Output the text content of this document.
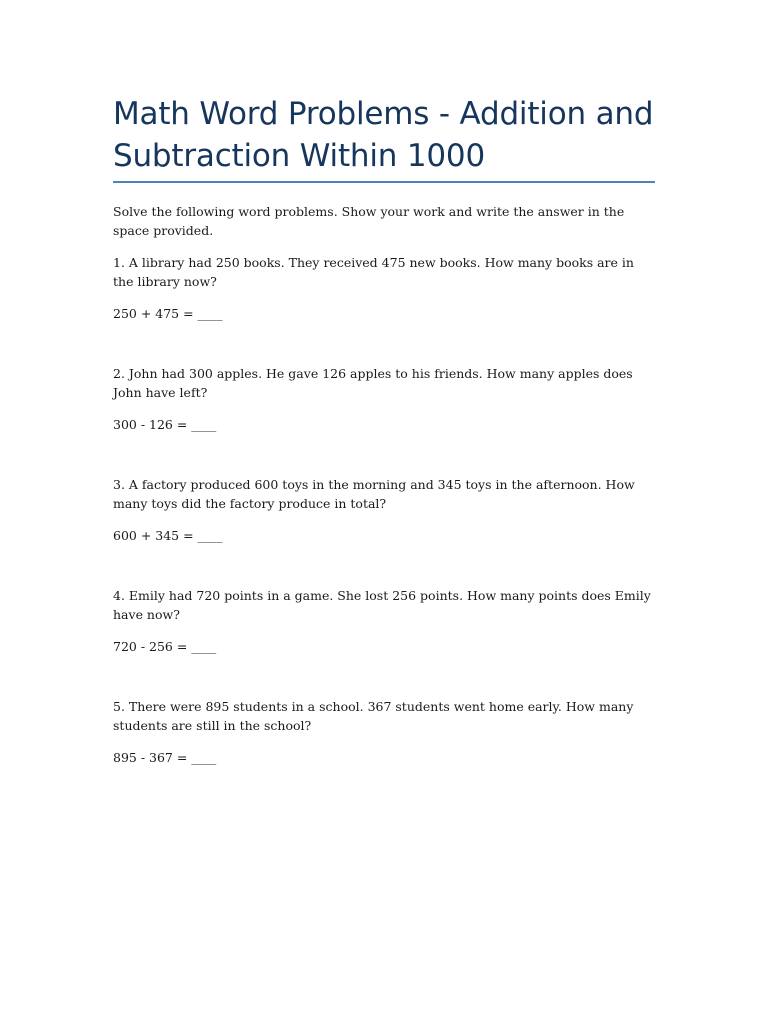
Math Word Problems - Addition and Subtraction Within 1000

Solve the following word problems. Show your work and write the answer in the space provided.

1. A library had 250 books. They received 475 new books. How many books are in the library now?

250 + 475 = ____

2. John had 300 apples. He gave 126 apples to his friends. How many apples does John have left?

300 - 126 = ____

3. A factory produced 600 toys in the morning and 345 toys in the afternoon. How many toys did the factory produce in total?

600 + 345 = ____

4. Emily had 720 points in a game. She lost 256 points. How many points does Emily have now?

720 - 256 = ____

5. There were 895 students in a school. 367 students went home early. How many students are still in the school?

895 - 367 = ____
